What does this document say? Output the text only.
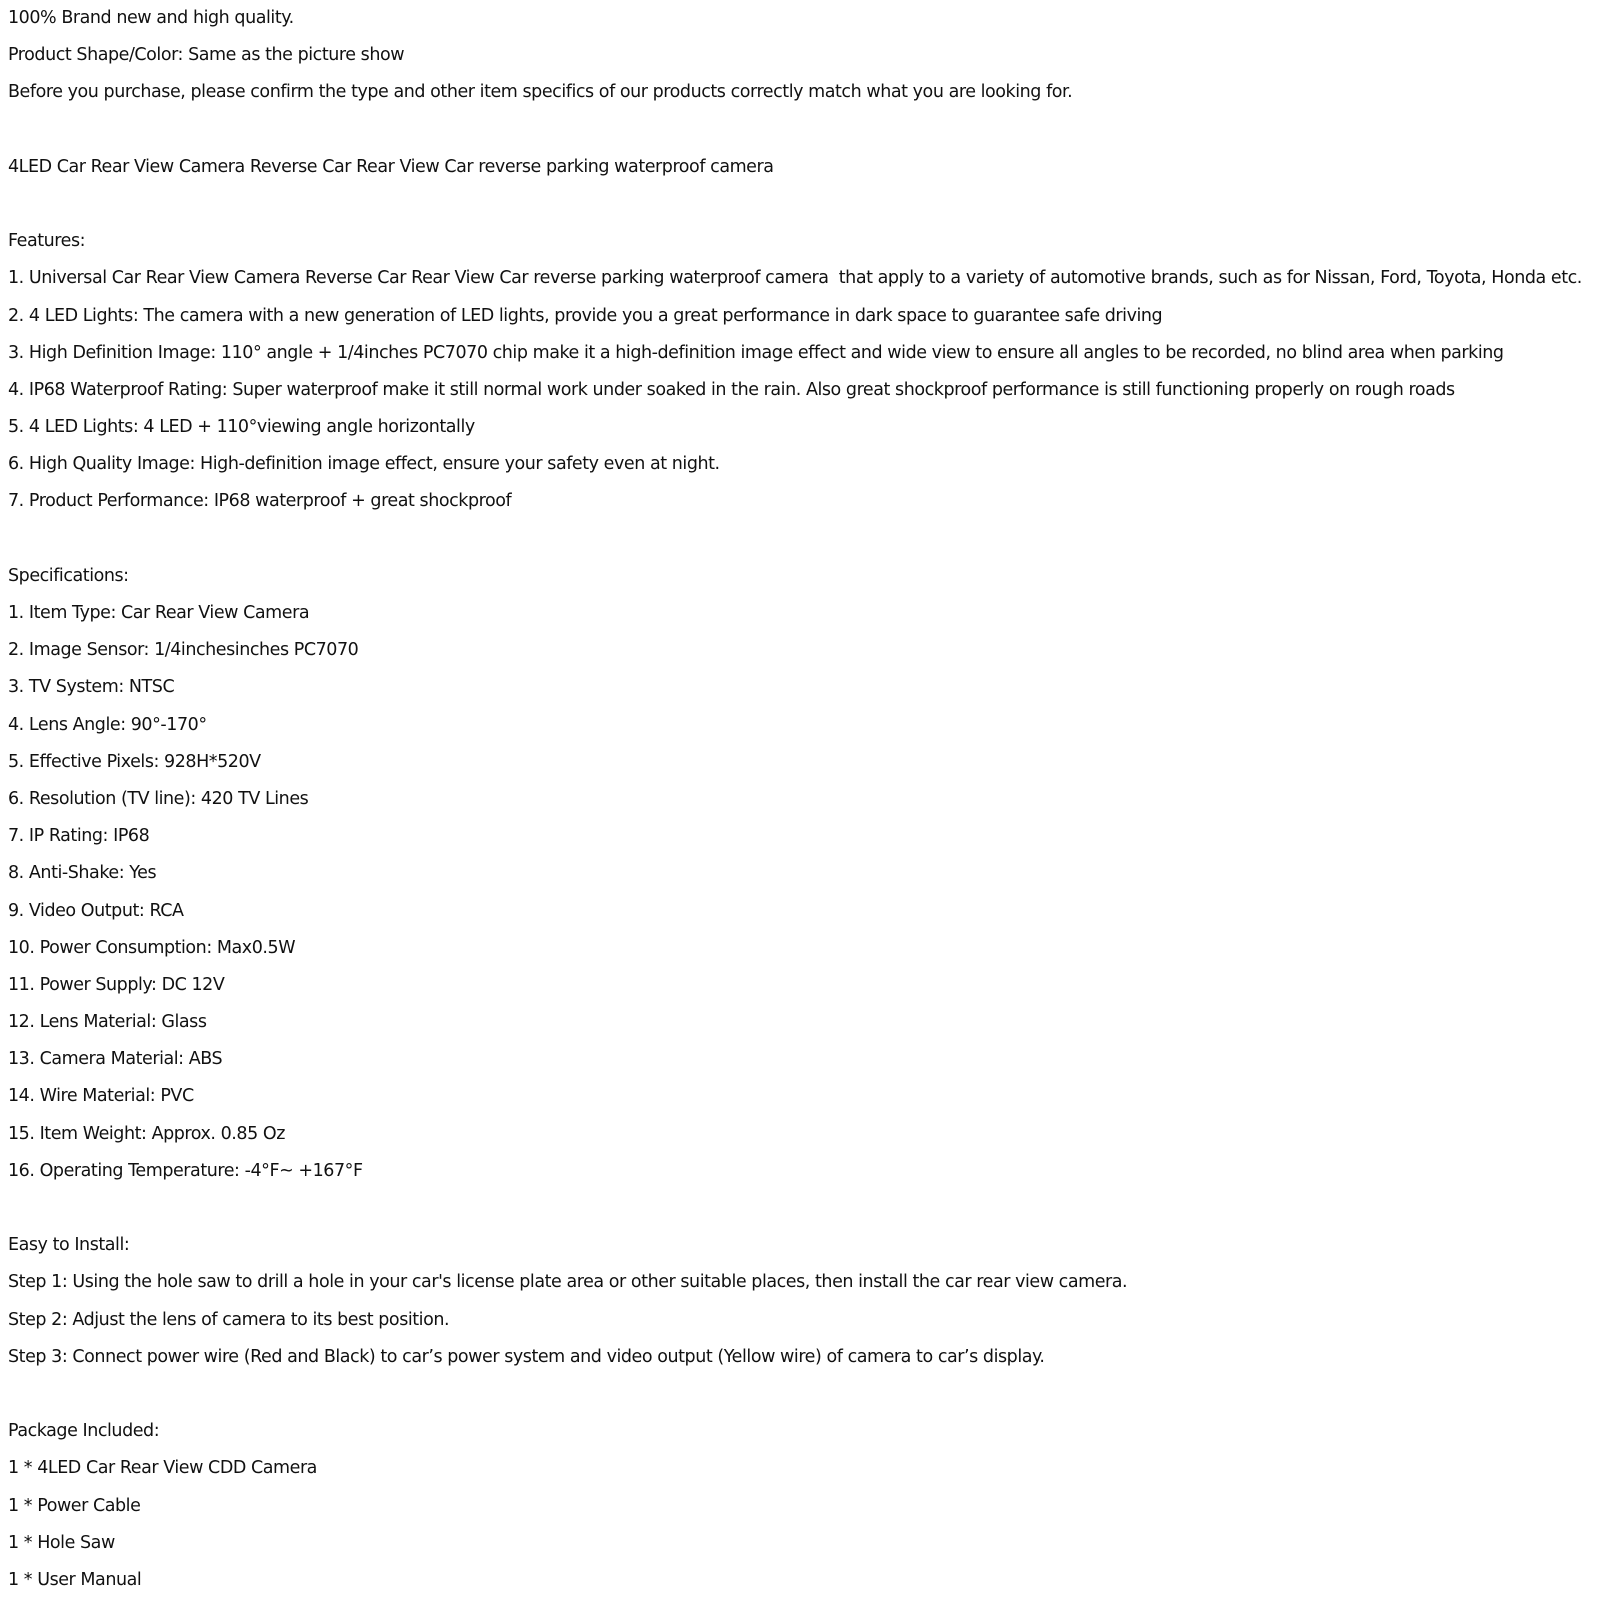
100% Brand new and high quality.
Product Shape/Color: Same as the picture show
Before you purchase, please confirm the type and other item specifics of our products correctly match what you are looking for.
4LED Car Rear View Camera Reverse Car Rear View Car reverse parking waterproof camera
Features:
1. Universal Car Rear View Camera Reverse Car Rear View Car reverse parking waterproof camera  that apply to a variety of automotive brands, such as for Nissan, Ford, Toyota, Honda etc.
2. 4 LED Lights: The camera with a new generation of LED lights, provide you a great performance in dark space to guarantee safe driving
3. High Definition Image: 110° angle + 1/4inches PC7070 chip make it a high-definition image effect and wide view to ensure all angles to be recorded, no blind area when parking
4. IP68 Waterproof Rating: Super waterproof make it still normal work under soaked in the rain. Also great shockproof performance is still functioning properly on rough roads
5. 4 LED Lights: 4 LED + 110°viewing angle horizontally
6. High Quality Image: High-definition image effect, ensure your safety even at night.
7. Product Performance: IP68 waterproof + great shockproof
Specifications:
1. Item Type: Car Rear View Camera
2. Image Sensor: 1/4inchesinches PC7070
3. TV System: NTSC
4. Lens Angle: 90°-170°
5. Effective Pixels: 928H*520V
6. Resolution (TV line): 420 TV Lines
7. IP Rating: IP68
8. Anti-Shake: Yes
9. Video Output: RCA
10. Power Consumption: Max0.5W
11. Power Supply: DC 12V
12. Lens Material: Glass
13. Camera Material: ABS
14. Wire Material: PVC
15. Item Weight: Approx. 0.85 Oz
16. Operating Temperature: -4°F~ +167°F
Easy to Install:
Step 1: Using the hole saw to drill a hole in your car's license plate area or other suitable places, then install the car rear view camera.
Step 2: Adjust the lens of camera to its best position.
Step 3: Connect power wire (Red and Black) to car’s power system and video output (Yellow wire) of camera to car’s display.
Package Included:
1 * 4LED Car Rear View CDD Camera
1 * Power Cable
1 * Hole Saw
1 * User Manual
